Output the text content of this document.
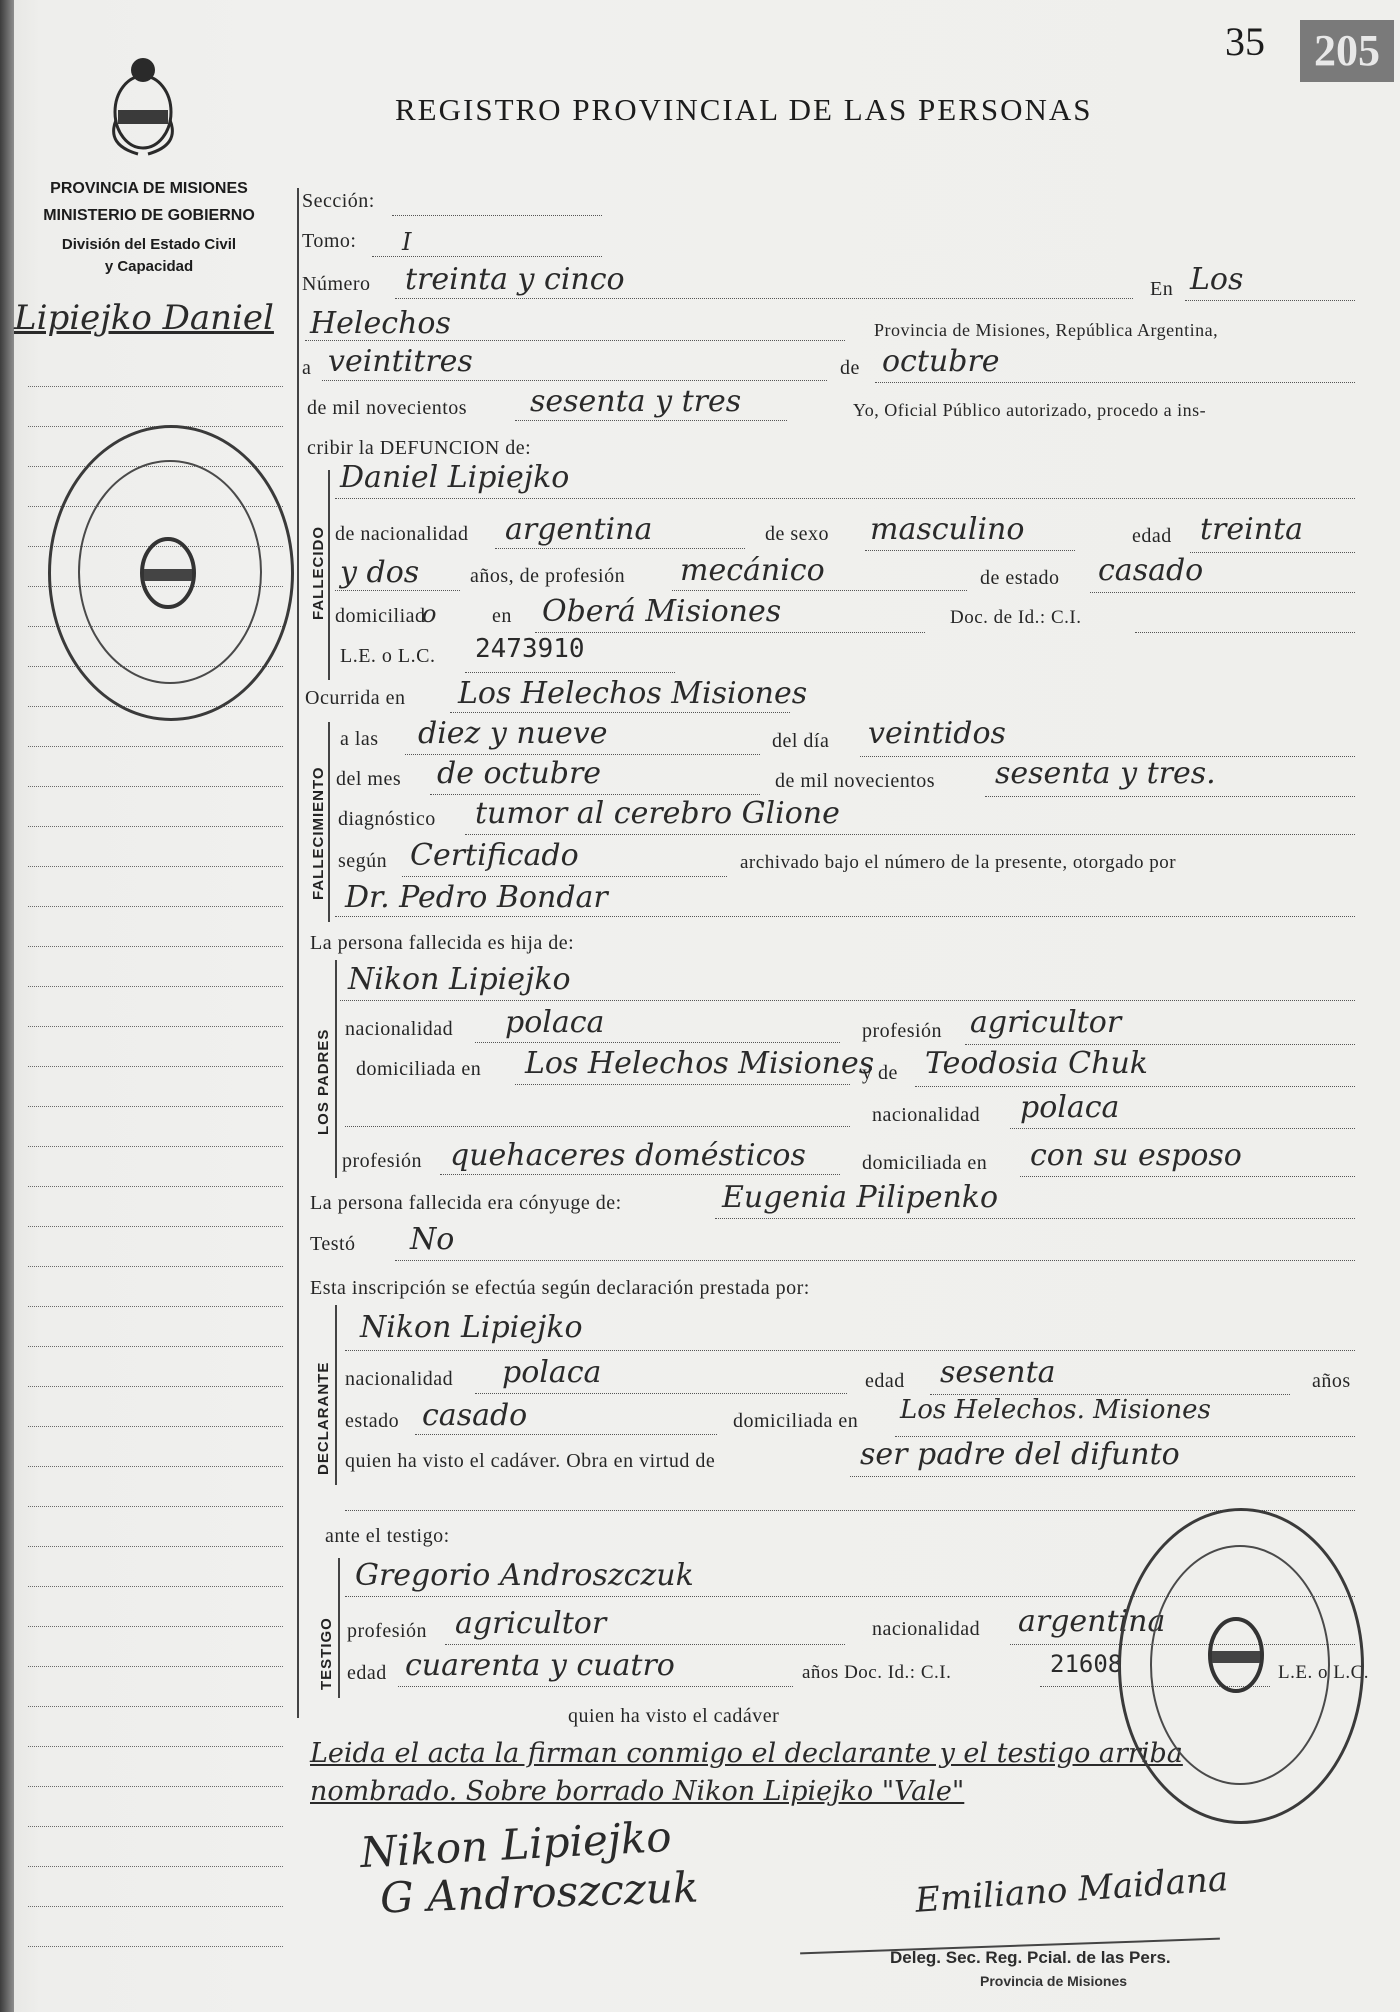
35	205
REGISTRO PROVINCIAL DE LAS PERSONAS
PROVINCIA DE MISIONES
MINISTERIO DE GOBIERNO
División del Estado Civil
y Capacidad
Lipiejko Daniel
Sección:
Tomo: I
Número treinta y cinco	En Los
Helechos	Provincia de Misiones, República Argentina,
a veintitres	de octubre
de mil novecientos sesenta y tres	Yo, Oficial Público autorizado, procedo a ins-
cribir la DEFUNCION de:
FALLECIDO
Daniel Lipiejko
de nacionalidad argentina	de sexo masculino	edad treinta
y dos	años, de profesión mecánico	de estado casado
domiciliad
o	en Oberá Misiones	Doc. de Id.: C.I.
L.E. o L.C. 2473910
Ocurrida en Los Helechos Misiones
FALLECIMIENTO
a las diez y nueve	del día veintidos
del mes de octubre	de mil novecientos sesenta y tres.
diagnóstico tumor al cerebro Glione
según Certificado	archivado bajo el número de la presente, otorgado por
Dr. Pedro Bondar
La persona fallecida es hija de:
LOS PADRES
Nikon Lipiejko
nacionalidad polaca	profesión agricultor
domiciliada en Los Helechos Misiones
y de Teodosia Chuk
nacionalidad polaca
profesión quehaceres domésticos	domiciliada en con su esposo
La persona fallecida era cónyuge de:	Eugenia Pilipenko
Testó No
Esta inscripción se efectúa según declaración prestada por:
DECLARANTE
Nikon Lipiejko
nacionalidad polaca	edad sesenta	años
estado casado	domiciliada en Los Helechos. Misiones
quien ha visto el cadáver. Obra en virtud de	ser padre del difunto
ante el testigo:
TESTIGO
Gregorio Androszczuk
profesión agricultor	nacionalidad argentina
edad cuarenta y cuatro	años Doc. Id.: C.I.	21608	L.E. o L.C.
quien ha visto el cadáver
Leida el acta la firman conmigo el declarante y el testigo arriba
nombrado. Sobre borrado Nikon Lipiejko "Vale"
Nikon Lipiejko
G Androszczuk	Emiliano Maidana
Deleg. Sec. Reg. Pcial. de las Pers.
Provincia de Misiones
